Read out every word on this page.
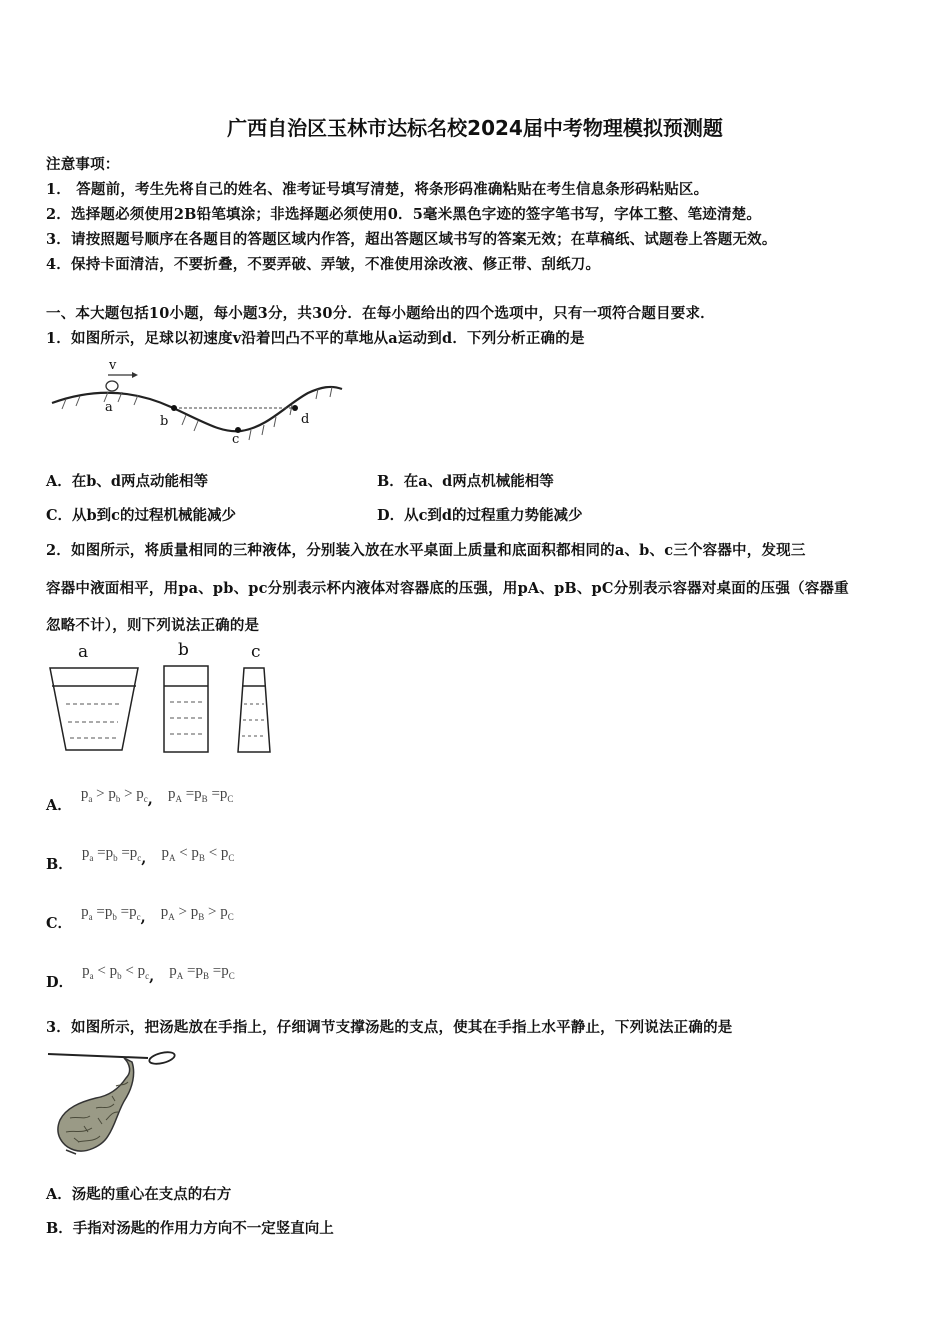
广西自治区玉林市达标名校2024届中考物理模拟预测题
注意事项：
1． 答题前，考生先将自己的姓名、准考证号填写清楚，将条形码准确粘贴在考生信息条形码粘贴区。
2．选择题必须使用2B铅笔填涂；非选择题必须使用0．5毫米黑色字迹的签字笔书写，字体工整、笔迹清楚。
3．请按照题号顺序在各题目的答题区域内作答，超出答题区域书写的答案无效；在草稿纸、试题卷上答题无效。
4．保持卡面清洁，不要折叠，不要弄破、弄皱，不准使用涂改液、修正带、刮纸刀。
一、本大题包括10小题，每小题3分，共30分．在每小题给出的四个选项中，只有一项符合题目要求．
1．如图所示，足球以初速度v沿着凹凸不平的草地从a运动到d．下列分析正确的是
v
a
b
c
d
A．在b、d两点动能相等	B．在a、d两点机械能相等
C．从b到c的过程机械能减少	D．从c到d的过程重力势能减少
2．如图所示，将质量相同的三种液体，分别装入放在水平桌面上质量和底面积都相同的a、b、c三个容器中，发现三
容器中液面相平，用pa、pb、pc分别表示杯内液体对容器底的压强，用pA、pB、pC分别表示容器对桌面的压强（容器重
忽略不计），则下列说法正确的是
a	b	c
A． $p_a > p_b > p_c$, $p_A =p_B =p_C$
B． $p_a =p_b =p_c$, $p_A < p_B < p_C$
C． $p_a =p_b =p_c$, $p_A > p_B > p_C$
D． $p_a < p_b < p_c$, $p_A =p_B =p_C$
3．如图所示，把汤匙放在手指上，仔细调节支撑汤匙的支点，使其在手指上水平静止，下列说法正确的是
A．汤匙的重心在支点的右方
B．手指对汤匙的作用力方向不一定竖直向上
